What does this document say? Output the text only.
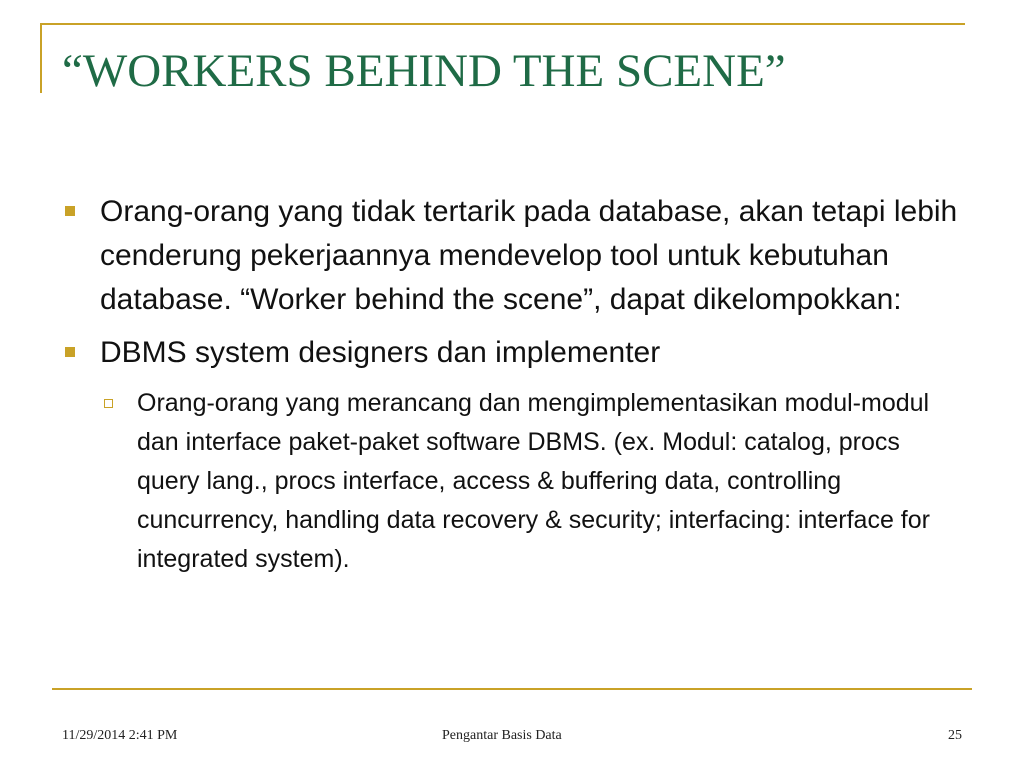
“WORKERS BEHIND THE SCENE”
Orang-orang yang tidak tertarik pada database, akan tetapi lebih cenderung pekerjaannya mendevelop tool untuk kebutuhan database. “Worker behind the scene”, dapat dikelompokkan:
DBMS system designers dan implementer
Orang-orang yang merancang dan mengimplementasikan modul-modul dan interface paket-paket software DBMS. (ex. Modul: catalog, procs query lang., procs interface, access & buffering data, controlling cuncurrency, handling data recovery & security; interfacing: interface for integrated system).
11/29/2014 2:41 PM	Pengantar Basis Data	25
